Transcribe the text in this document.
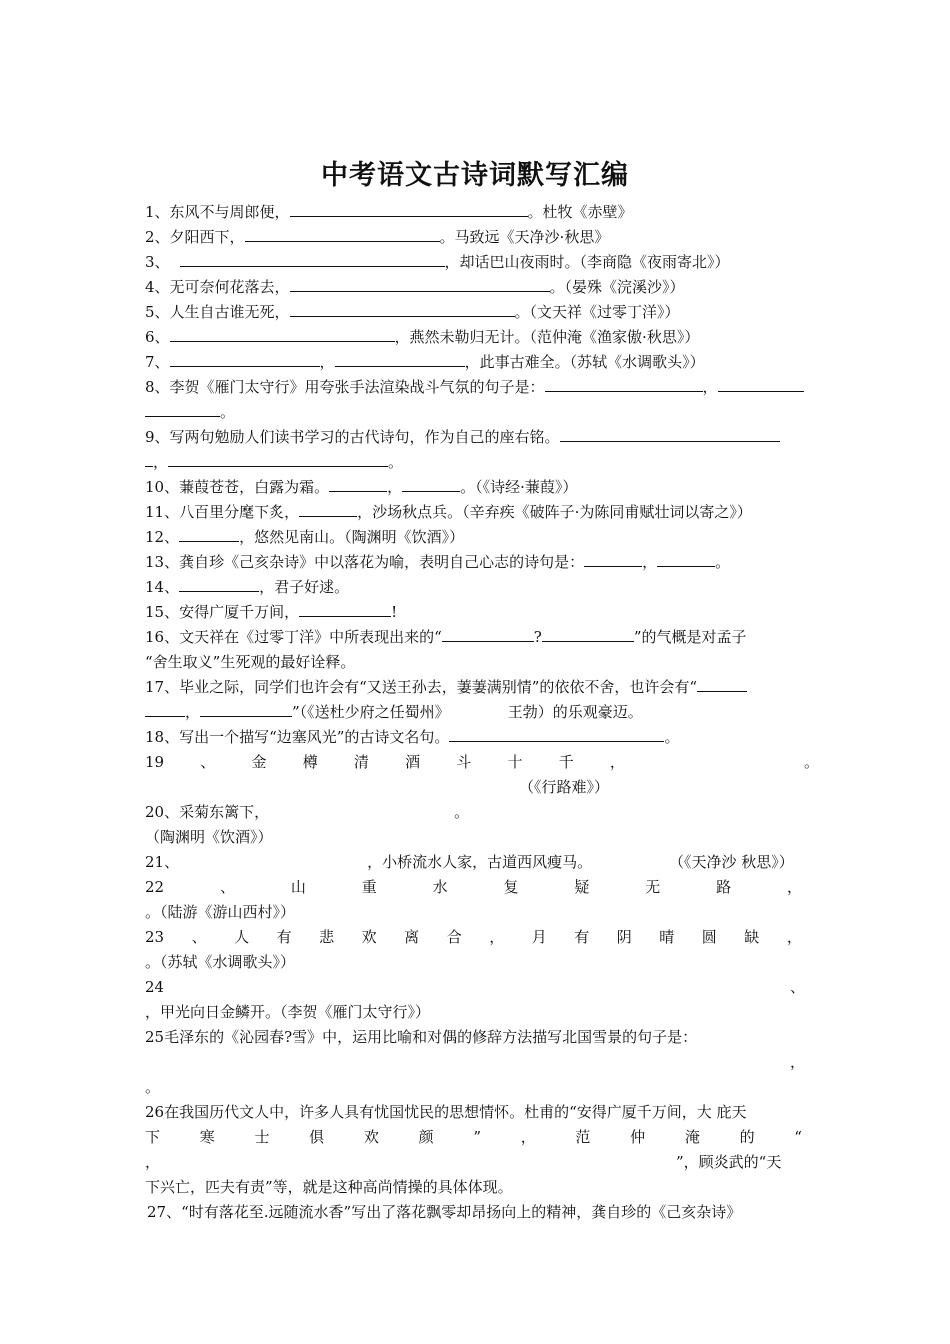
中考语文古诗词默写汇编
1、东风不与周郎便，	。杜牧《赤壁》
2、夕阳西下，	。马致远《天净沙·秋思》
3、	，却话巴山夜雨时。（李商隐《夜雨寄北》）
4、无可奈何花落去，	。（晏殊《浣溪沙》）
5、人生自古谁无死，	。（文天祥《过零丁洋》）
6、	，燕然未勒归无计。（范仲淹《渔家傲·秋思》）
7、	，	，此事古难全。（苏轼《水调歌头》）
8、李贺《雁门太守行》用夸张手法渲染战斗气氛的句子是：	，
。
9、写两句勉励人们读书学习的古代诗句，作为自己的座右铭。
，	。
10、蒹葭苍苍，白露为霜。	，	。（《诗经·蒹葭》）
11、八百里分麾下炙，	，沙场秋点兵。（辛弃疾《破阵子·为陈同甫赋壮词以寄之》）
12、	，悠然见南山。（陶渊明《饮酒》）
13、龚自珍《己亥杂诗》中以落花为喻，表明自己心志的诗句是：	，	。
14、	，君子好逑。
15、安得广厦千万间，	!
16、文天祥在《过零丁洋》中所表现出来的“	?	”的气概是对孟子
“舍生取义”生死观的最好诠释。
17、毕业之际，同学们也许会有“又送王孙去，萋萋满别情”的依依不舍，也许会有“
，	”（《送杜少府之任蜀州》	王勃）的乐观豪迈。
18、写出一个描写“边塞风光”的古诗文名句。	。
19 、 金 樽 清 酒 斗 十 千 ，	。
（《行路难》）
20、采菊东篱下，	。
（陶渊明《饮酒》）
21、	，小桥流水人家，古道西风瘦马。	（《天净沙 秋思》）
22	、	山	重	水	复	疑	无	路	，
。（陆游《游山西村》）
23 、 人 有 悲 欢 离 合 ， 月 有 阴 晴 圆 缺 ，
。（苏轼《水调歌头》）
24	、
，甲光向日金鳞开。（李贺《雁门太守行》）
25毛泽东的《沁园春?雪》中，运用比喻和对偶的修辞方法描写北国雪景的句子是：
，
。
26在我国历代文人中，许多人具有忧国忧民的思想情怀。杜甫的“安得广厦千万间，大 庇天
下	寒	士	俱	欢	颜	”	，	范	仲	淹	的	“
，	”，顾炎武的“天
下兴亡，匹夫有责”等，就是这种高尚情操的具体体现。
27、“时有落花至.远随流水香”写出了落花飘零却昂扬向上的精神，龚自珍的《己亥杂诗》
